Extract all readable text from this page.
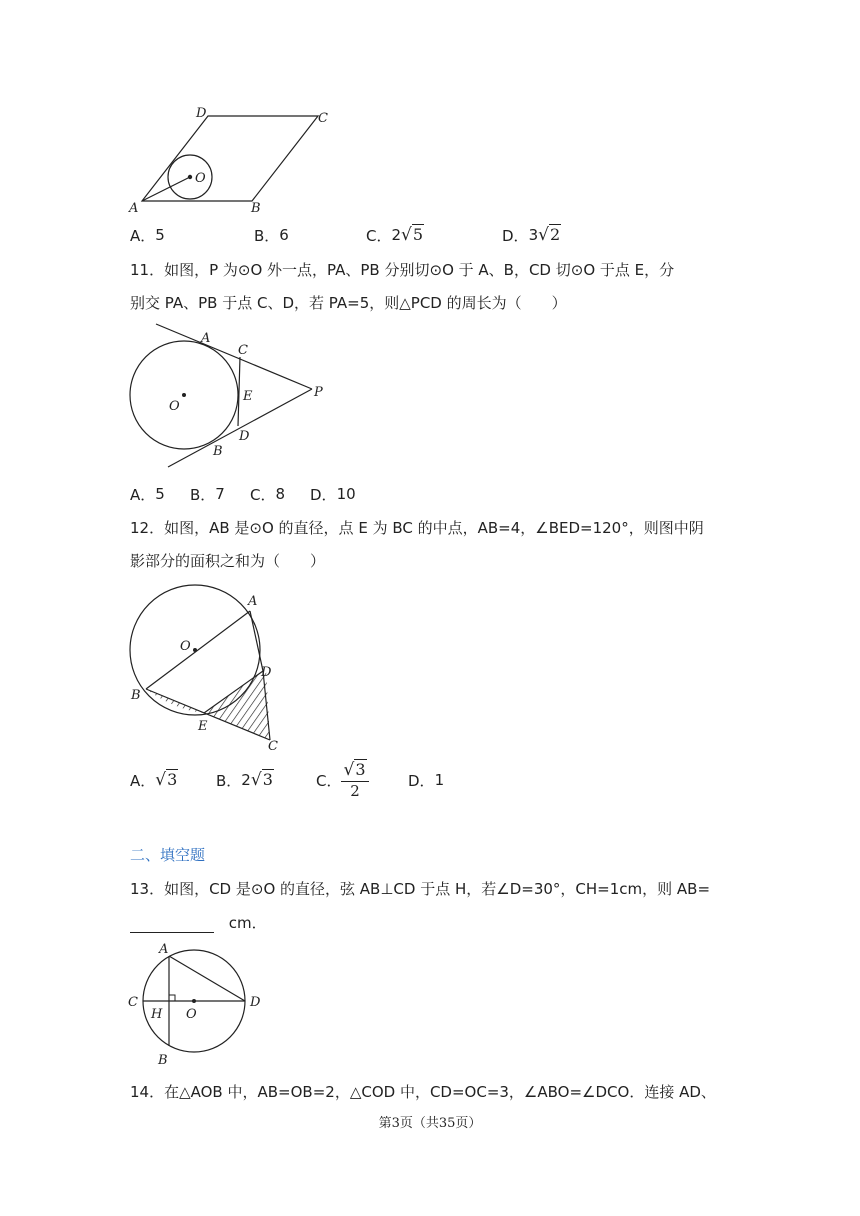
D	C
O
A	B
A． 5	B． 6	C． 2 √5	D． 3 √2
11．如图，P 为⊙O 外一点，PA、PB 分别切⊙O 于 A、B，CD 切⊙O 于点 E，分
别交 PA、PB 于点 C、D，若 PA=5，则△PCD 的周长为（　　）
A
C
O
E	P
D
B
A． 5 B． 7 C． 8 D． 10
12．如图，AB 是⊙O 的直径，点 E 为 BC 的中点，AB=4，∠BED=120°，则图中阴
影部分的面积之和为（　　）
A
O
D
B
E
C
A． √3	B． 2 √3	C． $\frac{√3}{2}$	D． 1
二、填空题
13．如图，CD 是⊙O 的直径，弦 AB⊥CD 于点 H，若∠D=30°，CH=1cm，则 AB=
cm．
A
C
H O
D
B
14．在△AOB 中，AB=OB=2，△COD 中，CD=OC=3，∠ABO=∠DCO．连接 AD、
第3页（共35页）
